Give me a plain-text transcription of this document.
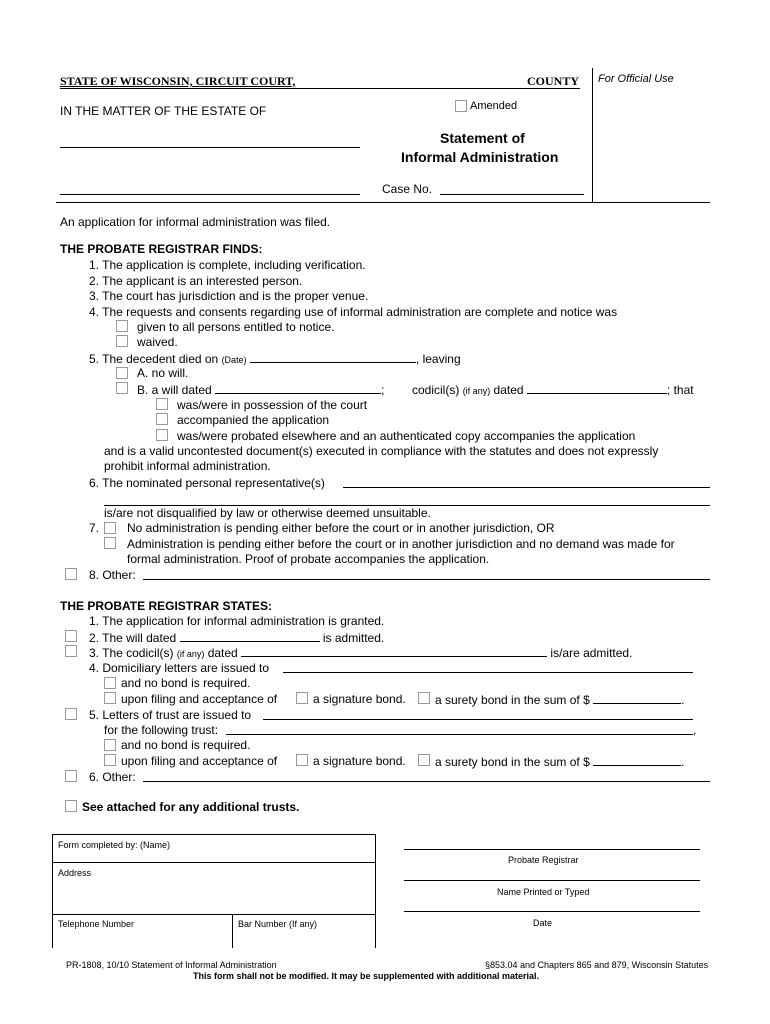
STATE OF WISCONSIN, CIRCUIT COURT,	COUNTY For Official Use
IN THE MATTER OF THE ESTATE OF	Amended
Statement of
Informal Administration
Case No.
An application for informal administration was filed.
THE PROBATE REGISTRAR FINDS:
1. The application is complete, including verification.
2. The applicant is an interested person.
3. The court has jurisdiction and is the proper venue.
4. The requests and consents regarding use of informal administration are complete and notice was
given to all persons entitled to notice.
waived.
5. The decedent died on (Date)	, leaving
A. no will.
B. a will dated	; codicil(s) (if any) dated	; that
was/were in possession of the court
accompanied the application
was/were probated elsewhere and an authenticated copy accompanies the application
and is a valid uncontested document(s) executed in compliance with the statutes and does not expressly
prohibit informal administration.
6. The nominated personal representative(s)
is/are not disqualified by law or otherwise deemed unsuitable.
7. No administration is pending either before the court or in another jurisdiction, OR
Administration is pending either before the court or in another jurisdiction and no demand was made for
formal administration. Proof of probate accompanies the application.
8. Other:
THE PROBATE REGISTRAR STATES:
1. The application for informal administration is granted.
2. The will dated	is admitted.
3. The codicil(s) (if any) dated	is/are admitted.
4. Domiciliary letters are issued to
and no bond is required.
upon filing and acceptance of	a signature bond. a surety bond in the sum of $	.
5. Letters of trust are issued to
for the following trust:	,
and no bond is required.
upon filing and acceptance of	a signature bond. a surety bond in the sum of $	.
6. Other:
See attached for any additional trusts.
Form completed by: (Name)
Address
Telephone Number	Bar Number (If any)
Probate Registrar
Name Printed or Typed
Date
PR-1808, 10/10 Statement of Informal Administration	§853.04 and Chapters 865 and 879, Wisconsin Statutes
This form shall not be modified. It may be supplemented with additional material.
